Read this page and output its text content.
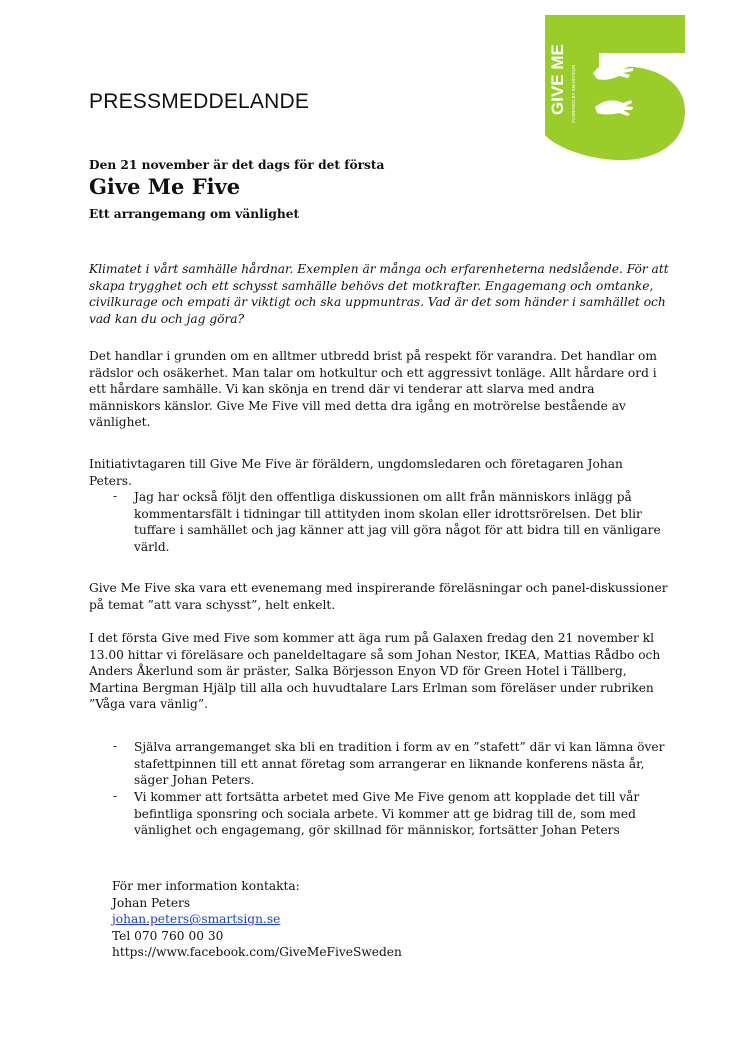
PRESSMEDDELANDE	GIVE ME POWERED BY SMARTSIGN
Den 21 november är det dags för det första
Give Me Five
Ett arrangemang om vänlighet

Klimatet i vårt samhälle hårdnar. Exemplen är många och erfarenheterna nedslående. För att skapa trygghet och ett schysst samhälle behövs det motkrafter. Engagemang och omtanke, civilkurage och empati är viktigt och ska uppmuntras. Vad är det som händer i samhället och vad kan du och jag göra?

Det handlar i grunden om en alltmer utbredd brist på respekt för varandra. Det handlar om rädslor och osäkerhet. Man talar om hotkultur och ett aggressivt tonläge. Allt hårdare ord i ett hårdare samhälle. Vi kan skönja en trend där vi tenderar att slarva med andra människors känslor. Give Me Five vill med detta dra igång en motrörelse bestående av vänlighet.

Initiativtagaren till Give Me Five är föräldern, ungdomsledaren och företagaren Johan Peters.

- Jag har också följt den offentliga diskussionen om allt från människors inlägg på kommentarsfält i tidningar till attityden inom skolan eller idrottsrörelsen. Det blir tuffare i samhället och jag känner att jag vill göra något för att bidra till en vänligare värld.

Give Me Five ska vara ett evenemang med inspirerande föreläsningar och panel-diskussioner på temat ”att vara schysst”, helt enkelt.

I det första Give med Five som kommer att äga rum på Galaxen fredag den 21 november kl 13.00 hittar vi föreläsare och paneldeltagare så som Johan Nestor, IKEA, Mattias Rådbo och Anders Åkerlund som är präster, Salka Börjesson Enyon VD för Green Hotel i Tällberg, Martina Bergman Hjälp till alla och huvudtalare Lars Erlman som föreläser under rubriken ”Våga vara vänlig”.

- Själva arrangemanget ska bli en tradition i form av en ”stafett” där vi kan lämna över stafettpinnen till ett annat företag som arrangerar en liknande konferens nästa år, säger Johan Peters.

- Vi kommer att fortsätta arbetet med Give Me Five genom att kopplade det till vår befintliga sponsring och sociala arbete. Vi kommer att ge bidrag till de, som med vänlighet och engagemang, gör skillnad för människor, fortsätter Johan Peters

För mer information kontakta:
Johan Peters
johan.peters@smartsign.se
Tel 070 760 00 30
https://www.facebook.com/GiveMeFiveSweden
